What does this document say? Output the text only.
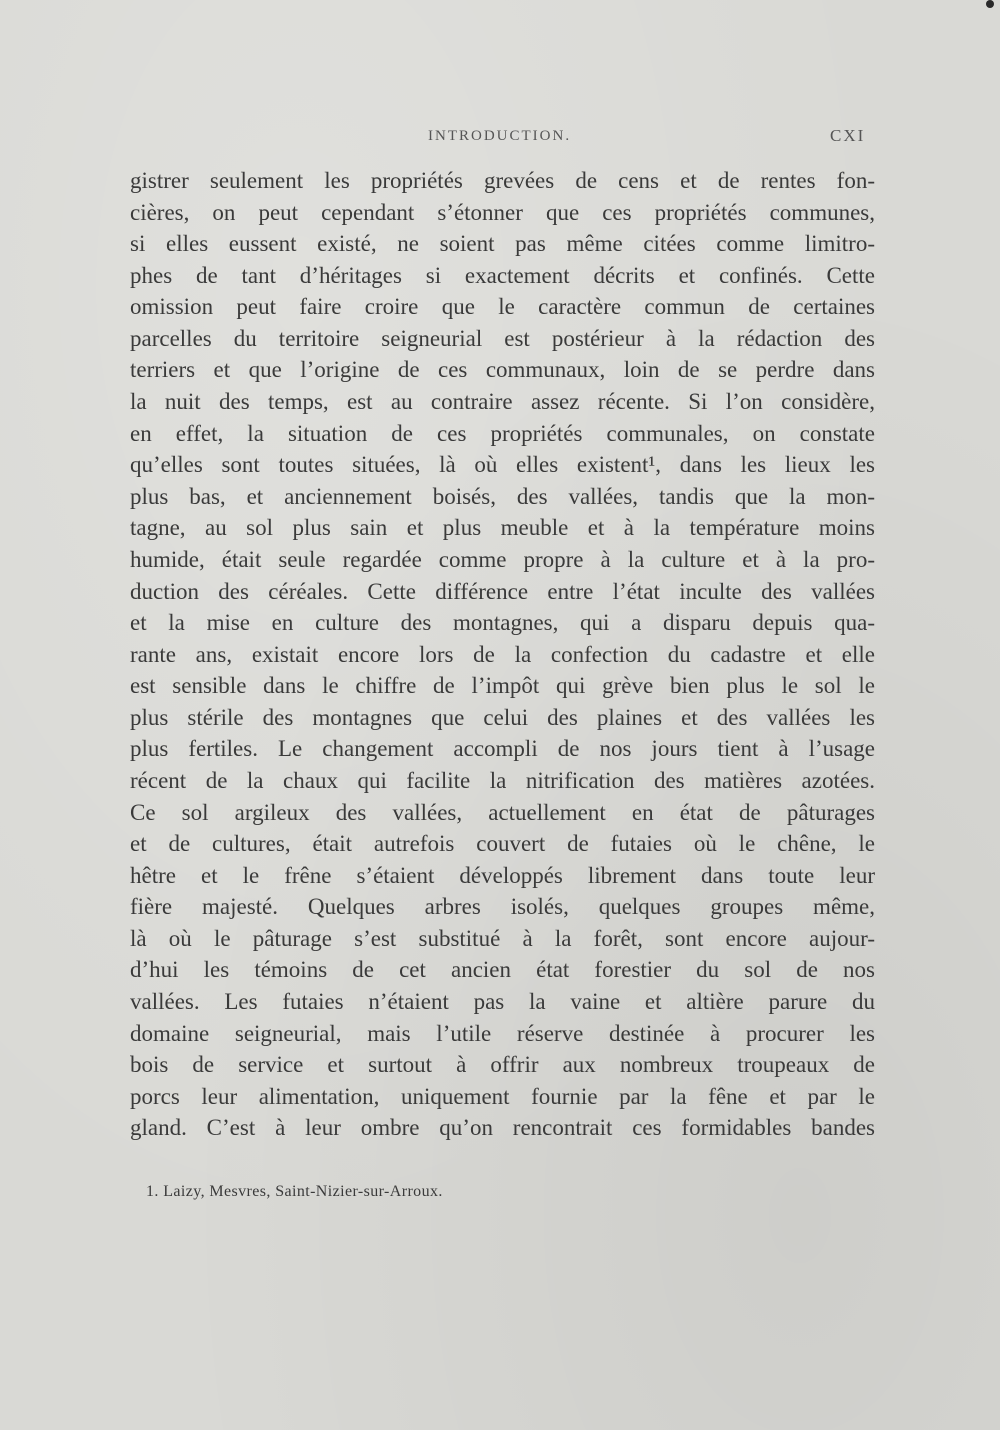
INTRODUCTION.	CXI
gistrer seulement les propriétés grevées de cens et de rentes fon-
cières, on peut cependant s’étonner que ces propriétés communes,
si elles eussent existé, ne soient pas même citées comme limitro-
phes de tant d’héritages si exactement décrits et confinés. Cette
omission peut faire croire que le caractère commun de certaines
parcelles du territoire seigneurial est postérieur à la rédaction des
terriers et que l’origine de ces communaux, loin de se perdre dans
la nuit des temps, est au contraire assez récente. Si l’on considère,
en effet, la situation de ces propriétés communales, on constate
qu’elles sont toutes situées, là où elles existent¹, dans les lieux les
plus bas, et anciennement boisés, des vallées, tandis que la mon-
tagne, au sol plus sain et plus meuble et à la température moins
humide, était seule regardée comme propre à la culture et à la pro-
duction des céréales. Cette différence entre l’état inculte des vallées
et la mise en culture des montagnes, qui a disparu depuis qua-
rante ans, existait encore lors de la confection du cadastre et elle
est sensible dans le chiffre de l’impôt qui grève bien plus le sol le
plus stérile des montagnes que celui des plaines et des vallées les
plus fertiles. Le changement accompli de nos jours tient à l’usage
récent de la chaux qui facilite la nitrification des matières azotées.
Ce sol argileux des vallées, actuellement en état de pâturages
et de cultures, était autrefois couvert de futaies où le chêne, le
hêtre et le frêne s’étaient développés librement dans toute leur
fière majesté. Quelques arbres isolés, quelques groupes même,
là où le pâturage s’est substitué à la forêt, sont encore aujour-
d’hui les témoins de cet ancien état forestier du sol de nos
vallées. Les futaies n’étaient pas la vaine et altière parure du
domaine seigneurial, mais l’utile réserve destinée à procurer les
bois de service et surtout à offrir aux nombreux troupeaux de
porcs leur alimentation, uniquement fournie par la fêne et par le
gland. C’est à leur ombre qu’on rencontrait ces formidables bandes
1. Laizy, Mesvres, Saint-Nizier-sur-Arroux.
